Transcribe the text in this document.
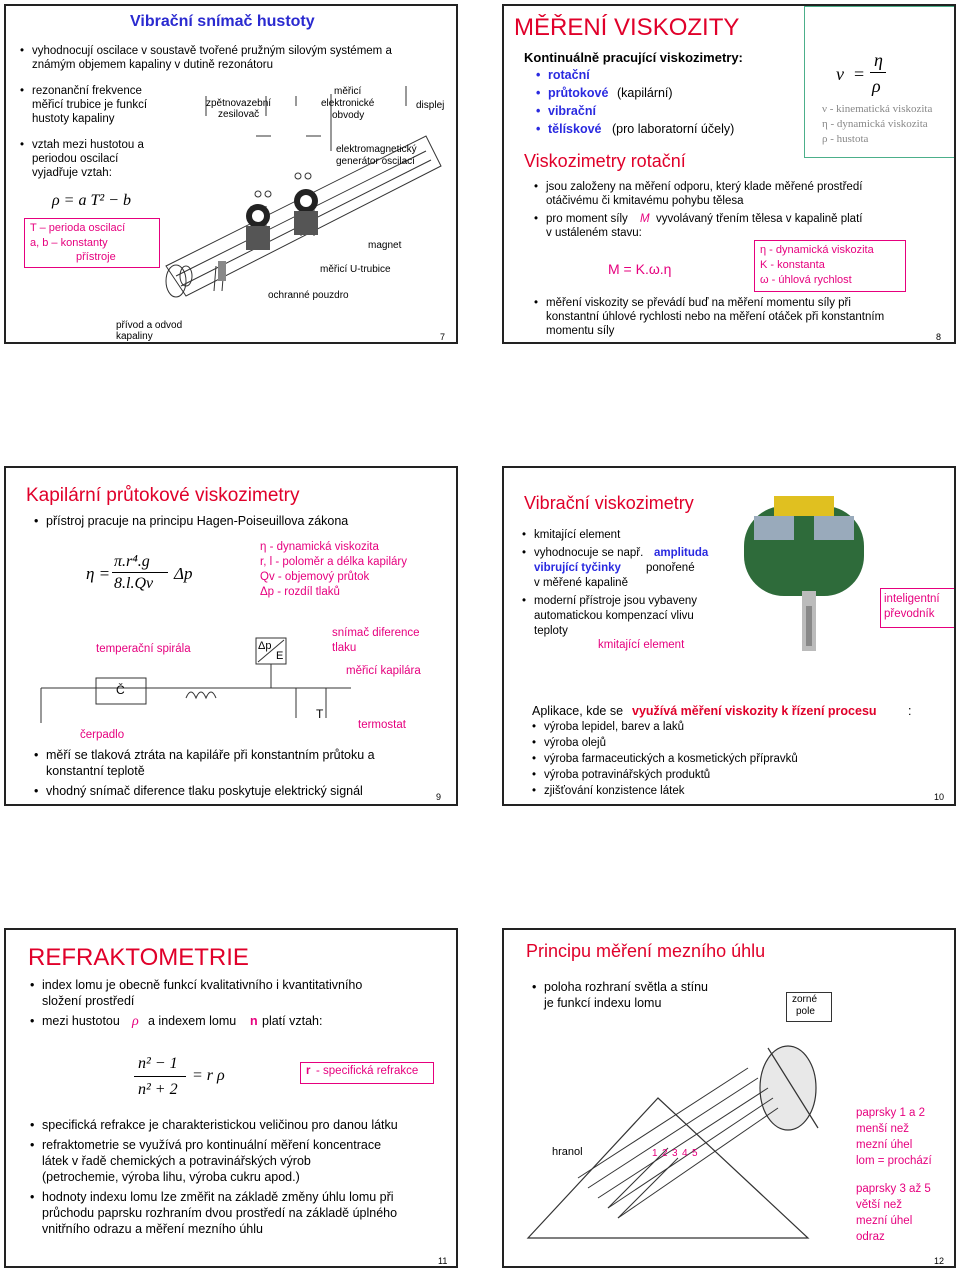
Vibrační snímač hustoty
• vyhodnocují oscilace v soustavě tvořené pružným silovým systémem a
známým objemem kapaliny v dutině rezonátoru
• rezonanční frekvence
měřicí trubice je funkcí
hustoty kapaliny
• vztah mezi hustotou a
periodou oscilací
vyjadřuje vztah:
ρ = a T² − b
T – perioda oscilací
a, b – konstanty
přístroje
zpětnovazební
zesilovač
měřicí
elektronické
obvody
displej
elektromagnetický
generátor oscilací
magnet
měřicí U-trubice
ochranné pouzdro
přívod a odvod
kapaliny	7
MĚŘENÍ VISKOZITY
Kontinuálně pracující viskozimetry:
• rotační
• průtokové (kapilární)
• vibrační
• tělískové (pro laboratorní účely)
Viskozimetry rotační
ν =
η
ρ
ν - kinematická viskozita
η - dynamická viskozita
ρ - hustota
• jsou založeny na měření odporu, který klade měřené prostředí
otáčivému či kmitavému pohybu tělesa
• pro moment síly M vyvolávaný třením tělesa v kapalině platí
v ustáleném stavu:
M = K.ω.η
η - dynamická viskozita
K - konstanta
ω - úhlová rychlost
• měření viskozity se převádí buď na měření momentu síly při
konstantní úhlové rychlosti nebo na měření otáček při konstantním
momentu síly	8
Kapilární průtokové viskozimetry
• přístroj pracuje na principu Hagen-Poiseuillova zákona
η =
π.r⁴.g
8.l.Qv
Δp
η - dynamická viskozita
r, l - poloměr a délka kapiláry
Qv - objemový průtok
Δp - rozdíl tlaků
temperační spirála
snímač diference
tlaku
měřicí kapilára
Č
Δp
E
T
termostat
čerpadlo
• měří se tlaková ztráta na kapiláře při konstantním průtoku a
konstantní teplotě
• vhodný snímač diference tlaku poskytuje elektrický signál	9
Vibrační viskozimetry
• kmitající element
• vyhodnocuje se např. amplituda
vibrující tyčinky ponořené
v měřené kapalině
• moderní přístroje jsou vybaveny
automatickou kompenzací vlivu
teploty
kmitající element
inteligentní
převodník
Aplikace, kde se využívá měření viskozity k řízení procesu	:
• výroba lepidel, barev a laků
• výroba olejů
• výroba farmaceutických a kosmetických přípravků
• výroba potravinářských produktů
• zjišťování konzistence látek	10
REFRAKTOMETRIE
• index lomu je obecně funkcí kvalitativního i kvantitativního
složení prostředí
• mezi hustotou ρ a indexem lomu n platí vztah:
n² − 1
n² + 2
= r ρ	r - specifická refrakce
• specifická refrakce je charakteristickou veličinou pro danou látku
• refraktometrie se využívá pro kontinuální měření koncentrace
látek v řadě chemických a potravinářských výrob
(petrochemie, výroba lihu, výroba cukru apod.)
• hodnoty indexu lomu lze změřit na základě změny úhlu lomu při
průchodu paprsku rozhraním dvou prostředí na základě úplného
vnitřního odrazu a měření mezního úhlu
11
Principu měření mezního úhlu
• poloha rozhraní světla a stínu
je funkcí indexu lomu	zorné
pole
hranol	1 2 3 4 5
paprsky 1 a 2
menší než
mezní úhel
lom = prochází
paprsky 3 až 5
větší než
mezní úhel
odraz
12
